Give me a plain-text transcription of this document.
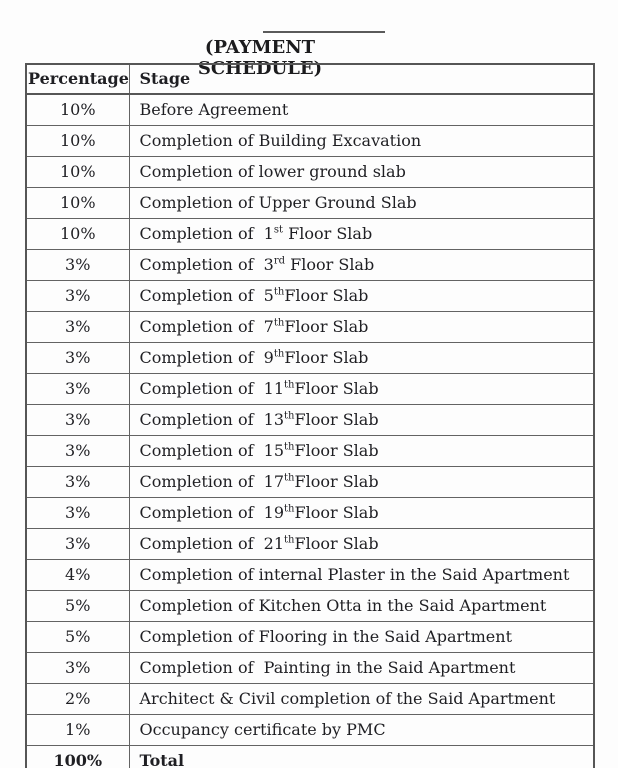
(PAYMENT SCHEDULE)
Percentage	Stage
10%	Before Agreement
10%	Completion of Building Excavation
10%	Completion of lower ground slab
10%	Completion of Upper Ground Slab
10%	Completion of  1st Floor Slab
3%	Completion of  3rd Floor Slab
3%	Completion of  5thFloor Slab
3%	Completion of  7thFloor Slab
3%	Completion of  9thFloor Slab
3%	Completion of  11thFloor Slab
3%	Completion of  13thFloor Slab
3%	Completion of  15thFloor Slab
3%	Completion of  17thFloor Slab
3%	Completion of  19thFloor Slab
3%	Completion of  21thFloor Slab
4%	Completion of internal Plaster in the Said Apartment
5%	Completion of Kitchen Otta in the Said Apartment
5%	Completion of Flooring in the Said Apartment
3%	Completion of  Painting in the Said Apartment
2%	Architect & Civil completion of the Said Apartment
1%	Occupancy certificate by PMC
100%	Total
